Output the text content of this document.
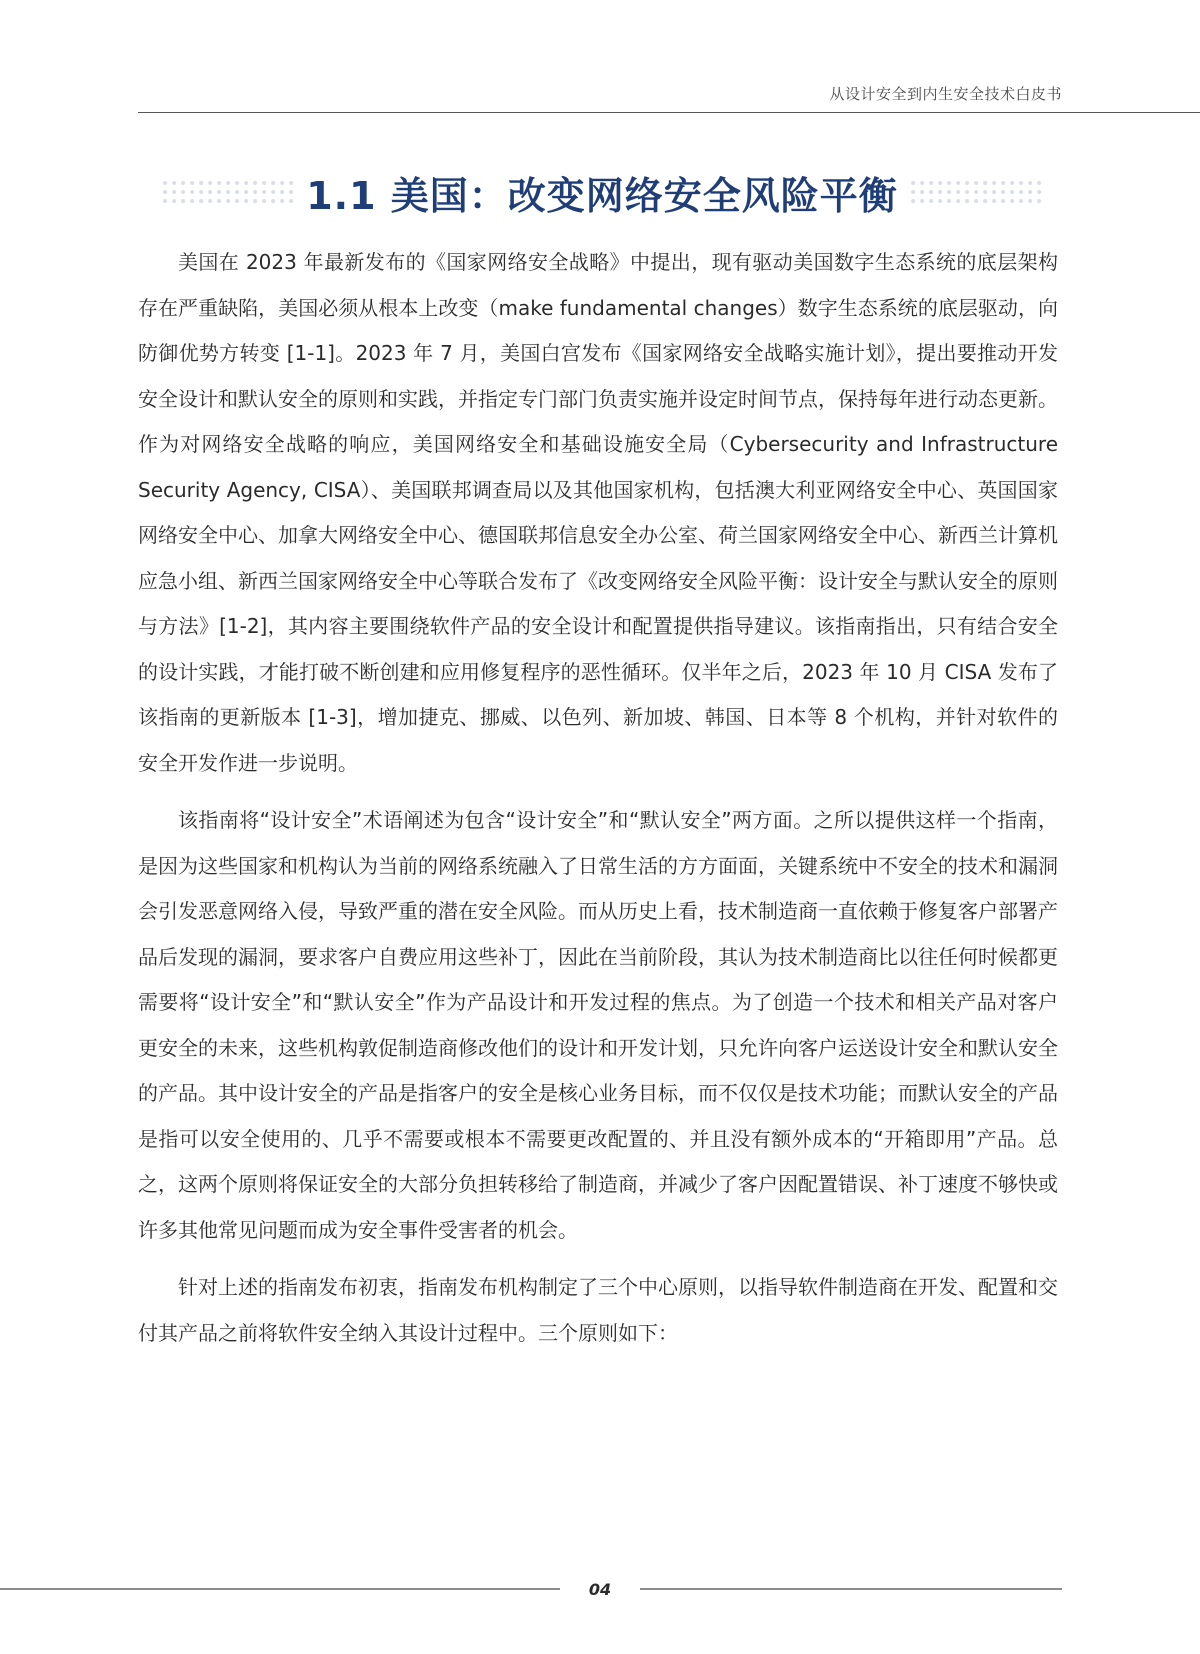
从设计安全到内生安全技术白皮书
1.1 美国：改变网络安全风险平衡

美国在 2023 年最新发布的《国家网络安全战略》中提出，现有驱动美国数字生态系统的底层架构存在严重缺陷，美国必须从根本上改变（make fundamental changes）数字生态系统的底层驱动，向防御优势方转变 [1-1]。2023 年 7 月，美国白宫发布《国家网络安全战略实施计划》，提出要推动开发安全设计和默认安全的原则和实践，并指定专门部门负责实施并设定时间节点，保持每年进行动态更新。作为对网络安全战略的响应，美国网络安全和基础设施安全局（Cybersecurity and Infrastructure Security Agency, CISA）、美国联邦调查局以及其他国家机构，包括澳大利亚网络安全中心、英国国家网络安全中心、加拿大网络安全中心、德国联邦信息安全办公室、荷兰国家网络安全中心、新西兰计算机应急小组、新西兰国家网络安全中心等联合发布了《改变网络安全风险平衡：设计安全与默认安全的原则与方法》[1-2]，其内容主要围绕软件产品的安全设计和配置提供指导建议。该指南指出，只有结合安全的设计实践，才能打破不断创建和应用修复程序的恶性循环。仅半年之后，2023 年 10 月 CISA 发布了该指南的更新版本 [1-3]，增加捷克、挪威、以色列、新加坡、韩国、日本等 8 个机构，并针对软件的安全开发作进一步说明。

该指南将“设计安全”术语阐述为包含“设计安全”和“默认安全”两方面。之所以提供这样一个指南，是因为这些国家和机构认为当前的网络系统融入了日常生活的方方面面，关键系统中不安全的技术和漏洞会引发恶意网络入侵，导致严重的潜在安全风险。而从历史上看，技术制造商一直依赖于修复客户部署产品后发现的漏洞，要求客户自费应用这些补丁，因此在当前阶段，其认为技术制造商比以往任何时候都更需要将“设计安全”和“默认安全”作为产品设计和开发过程的焦点。为了创造一个技术和相关产品对客户更安全的未来，这些机构敦促制造商修改他们的设计和开发计划，只允许向客户运送设计安全和默认安全的产品。其中设计安全的产品是指客户的安全是核心业务目标，而不仅仅是技术功能；而默认安全的产品是指可以安全使用的、几乎不需要或根本不需要更改配置的、并且没有额外成本的“开箱即用”产品。总之，这两个原则将保证安全的大部分负担转移给了制造商，并减少了客户因配置错误、补丁速度不够快或许多其他常见问题而成为安全事件受害者的机会。

针对上述的指南发布初衷，指南发布机构制定了三个中心原则，以指导软件制造商在开发、配置和交付其产品之前将软件安全纳入其设计过程中。三个原则如下：

04
